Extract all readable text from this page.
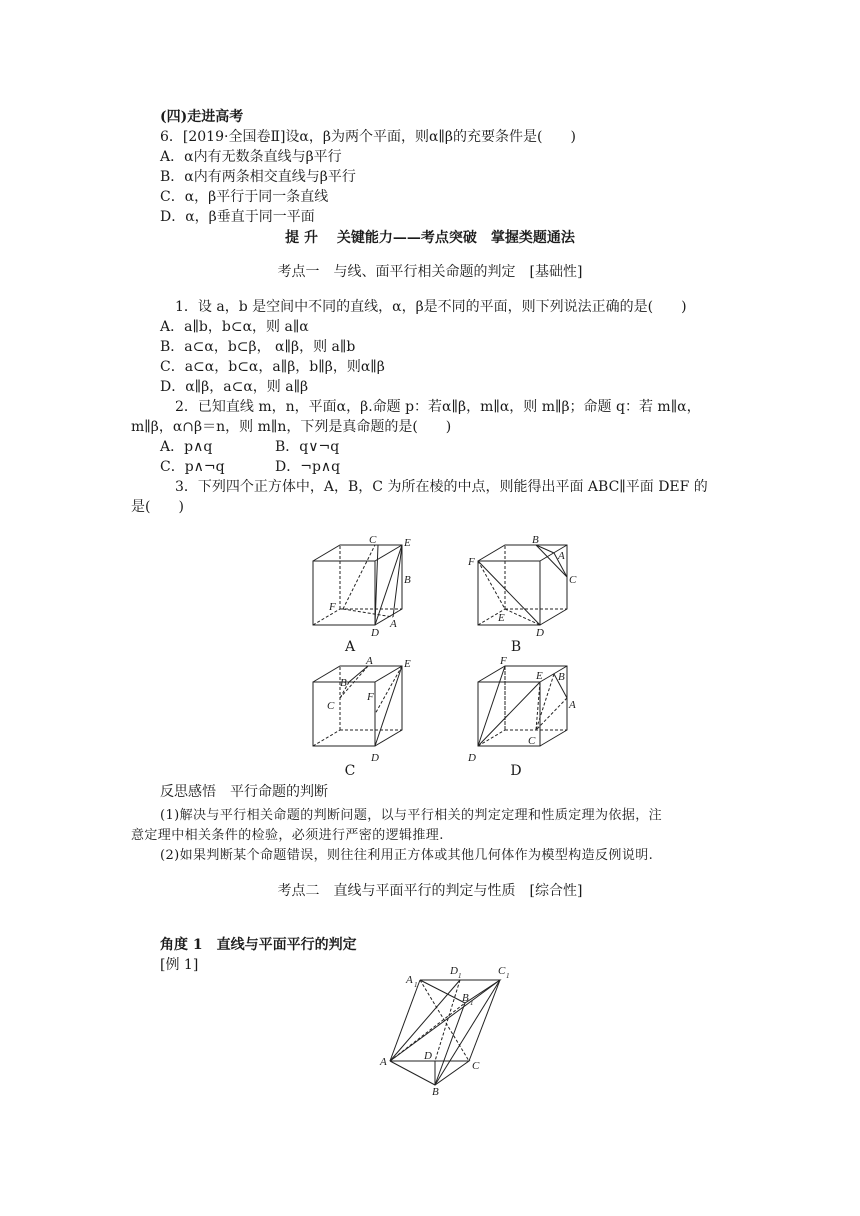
(四)走进高考
6．[2019·全国卷Ⅱ]设α，β为两个平面，则α∥β的充要条件是(　　)
A．α内有无数条直线与β平行
B．α内有两条相交直线与β平行
C．α，β平行于同一条直线
D．α，β垂直于同一平面
提 升　 关键能力——考点突破　掌握类题通法
考点一　与线、面平行相关命题的判定　[基础性]
1．设 a，b 是空间中不同的直线，α，β是不同的平面，则下列说法正确的是(　　)
A．a∥b，b⊂α，则 a∥α
B．a⊂α，b⊂β， α∥β，则 a∥b
C．a⊂α，b⊂α，a∥β，b∥β，则α∥β
D．α∥β，a⊂α，则 a∥β
2．已知直线 m，n，平面α，β.命题 p：若α∥β，m∥α，则 m∥β；命题 q：若 m∥α，
m∥β，α∩β＝n，则 m∥n，下列是真命题的是(　　)
A．p∧q	B．q∨¬q
C．p∧¬q	D．¬p∧q
3．下列四个正方体中，A，B，C 为所在棱的中点，则能得出平面 ABC∥平面 DEF 的
是(　　)
C	E
B
F
D
A
A
B
A
C
F
E
D
B
A	E
B
F
C
D
C
F
E B
A
C
D
D
反思感悟　平行命题的判断
(1)解决与平行相关命题的判断问题，以与平行相关的判定定理和性质定理为依据，注
意定理中相关条件的检验，必须进行严密的逻辑推理.
(2)如果判断某个命题错误，则往往利用正方体或其他几何体作为模型构造反例说明.
考点二　直线与平面平行的判定与性质　[综合性]
角度 1　直线与平面平行的判定
[例 1]
A 1
D 1	C 1
B 1
A	D
C
B
